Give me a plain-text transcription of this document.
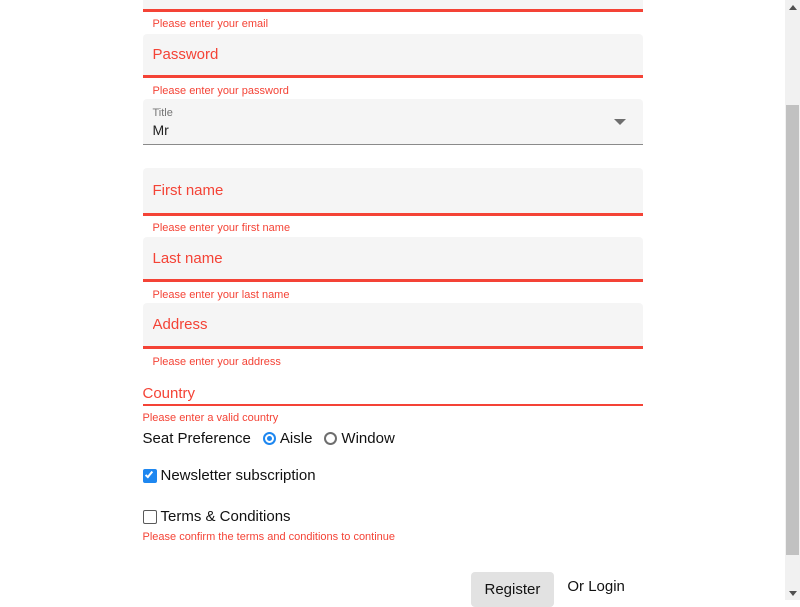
Please enter your email
Password
Please enter your password
Title
Mr
First name
Please enter your first name
Last name
Please enter your last name
Address
Please enter your address
Country
Please enter a valid country
Seat Preference Aisle Window
Newsletter subscription
Terms & Conditions
Please confirm the terms and conditions to continue
Register	Or Login
